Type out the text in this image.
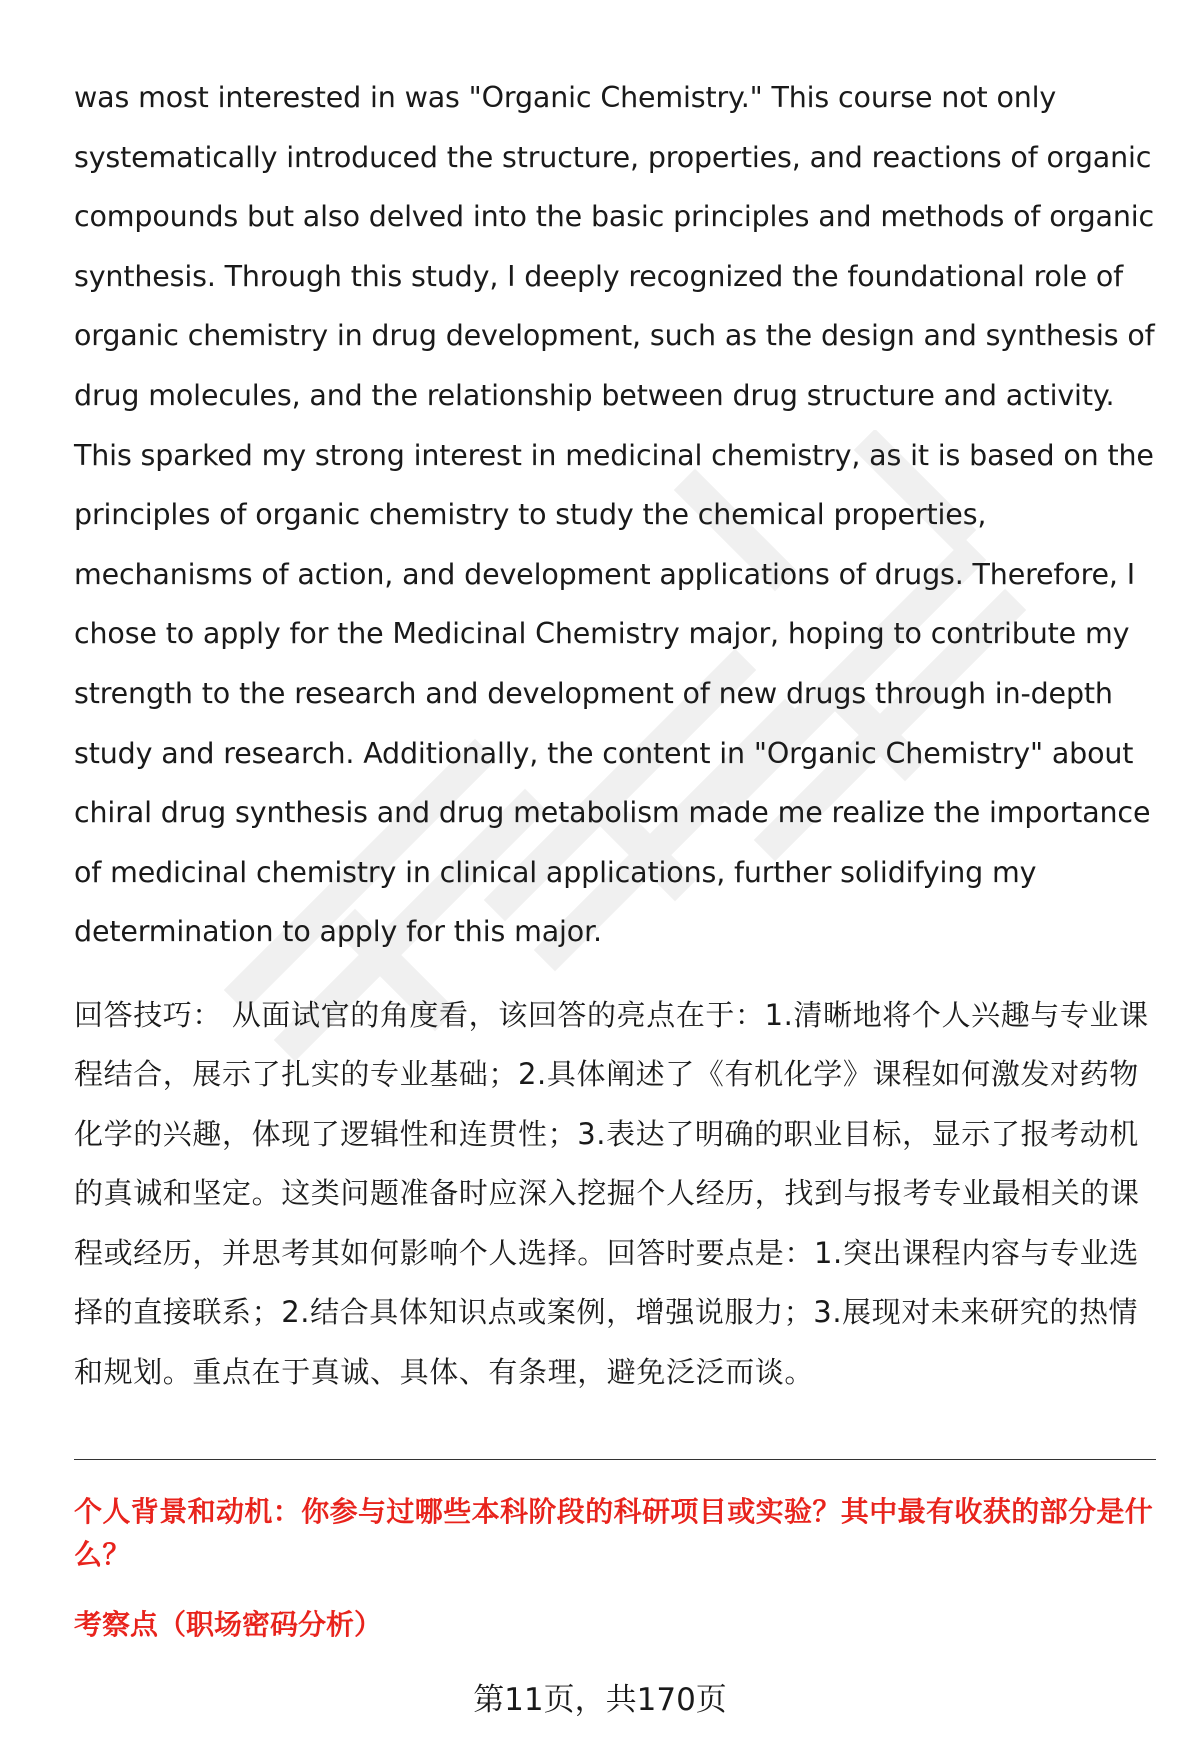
was most interested in was "Organic Chemistry." This course not only systematically introduced the structure, properties, and reactions of organic compounds but also delved into the basic principles and methods of organic synthesis. Through this study, I deeply recognized the foundational role of organic chemistry in drug development, such as the design and synthesis of drug molecules, and the relationship between drug structure and activity. This sparked my strong interest in medicinal chemistry, as it is based on the principles of organic chemistry to study the chemical properties, mechanisms of action, and development applications of drugs. Therefore, I chose to apply for the Medicinal Chemistry major, hoping to contribute my strength to the research and development of new drugs through in-depth study and research. Additionally, the content in "Organic Chemistry" about chiral drug synthesis and drug metabolism made me realize the importance of medicinal chemistry in clinical applications, further solidifying my determination to apply for this major.

回答技巧： 从面试官的角度看，该回答的亮点在于：1.清晰地将个人兴趣与专业课程结合，展示了扎实的专业基础；2.具体阐述了《有机化学》课程如何激发对药物化学的兴趣，体现了逻辑性和连贯性；3.表达了明确的职业目标，显示了报考动机的真诚和坚定。这类问题准备时应深入挖掘个人经历，找到与报考专业最相关的课程或经历，并思考其如何影响个人选择。回答时要点是：1.突出课程内容与专业选择的直接联系；2.结合具体知识点或案例，增强说服力；3.展现对未来研究的热情和规划。重点在于真诚、具体、有条理，避免泛泛而谈。

个人背景和动机：你参与过哪些本科阶段的科研项目或实验？其中最有收获的部分是什么？

考察点（职场密码分析）

第11页，共170页
